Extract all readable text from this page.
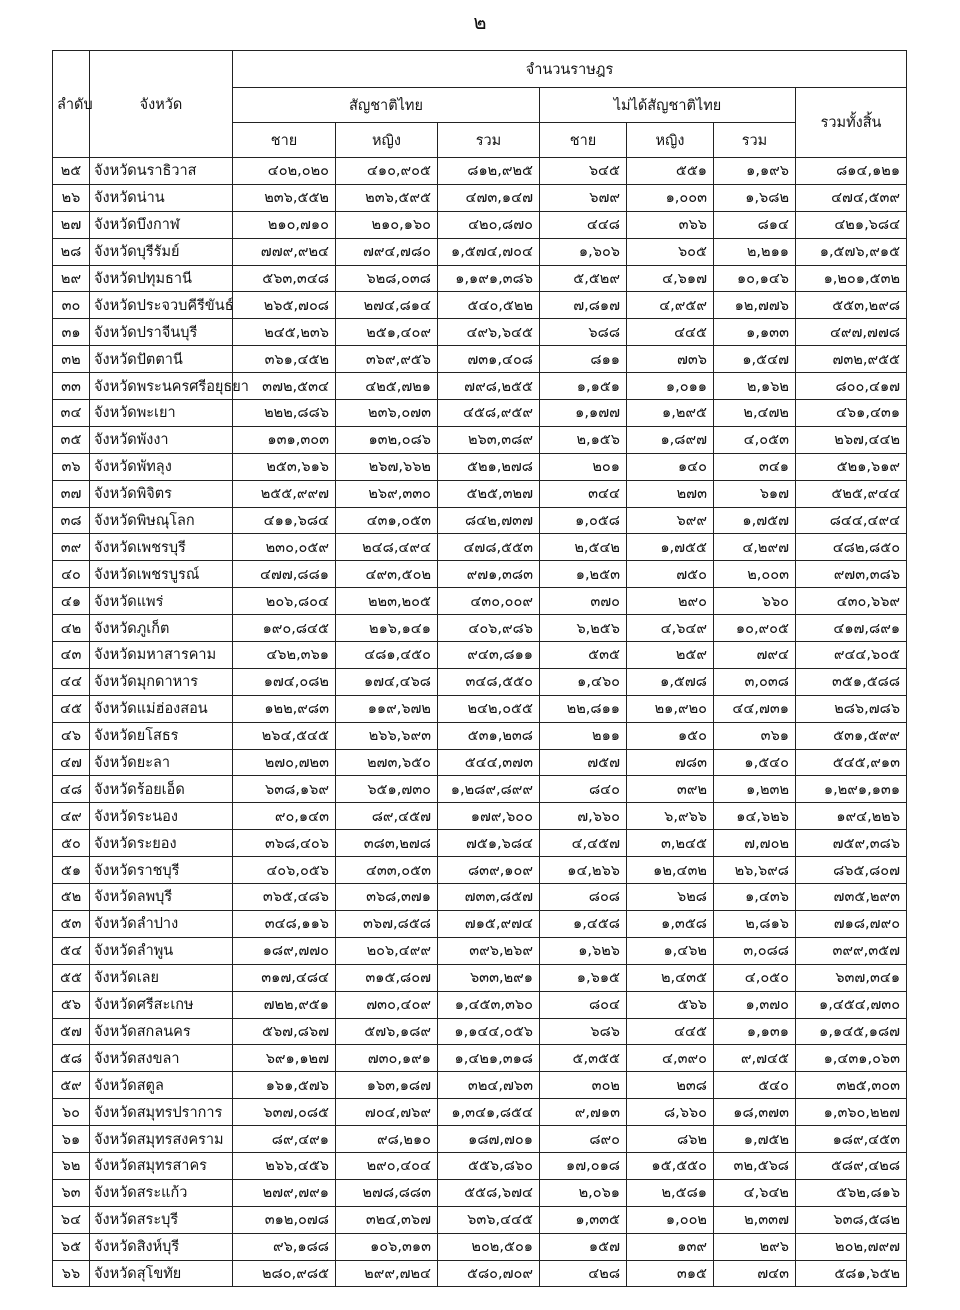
๒
ลำดับ	จังหวัด	จำนวนราษฎร						
		สัญชาติไทย			ไม่ได้สัญชาติไทย			รวมทั้งสิ้น
		ชาย	หญิง	รวม	ชาย	หญิง	รวม	
๒๕	จังหวัดนราธิวาส	๔๐๒,๐๒๐	๔๑๐,๙๐๕	๘๑๒,๙๒๕	๖๔๕	๕๕๑	๑,๑๙๖	๘๑๔,๑๒๑
๒๖	จังหวัดน่าน	๒๓๖,๕๕๒	๒๓๖,๕๙๕	๔๗๓,๑๔๗	๖๗๙	๑,๐๐๓	๑,๖๘๒	๔๗๔,๕๓๙
๒๗	จังหวัดบึงกาฬ	๒๑๐,๗๑๐	๒๑๐,๑๖๐	๔๒๐,๘๗๐	๔๔๘	๓๖๖	๘๑๔	๔๒๑,๖๘๔
๒๘	จังหวัดบุรีรัมย์	๗๗๙,๙๒๔	๗๙๔,๗๘๐	๑,๕๗๔,๗๐๔	๑,๖๐๖	๖๐๕	๒,๒๑๑	๑,๕๗๖,๙๑๕
๒๙	จังหวัดปทุมธานี	๕๖๓,๓๔๘	๖๒๘,๐๓๘	๑,๑๙๑,๓๘๖	๕,๕๒๙	๔,๖๑๗	๑๐,๑๔๖	๑,๒๐๑,๕๓๒
๓๐	จังหวัดประจวบคีรีขันธ์	๒๖๕,๗๐๘	๒๗๔,๘๑๔	๕๔๐,๕๒๒	๗,๘๑๗	๔,๙๕๙	๑๒,๗๗๖	๕๕๓,๒๙๘
๓๑	จังหวัดปราจีนบุรี	๒๔๕,๒๓๖	๒๕๑,๔๐๙	๔๙๖,๖๔๕	๖๘๘	๔๔๕	๑,๑๓๓	๔๙๗,๗๗๘
๓๒	จังหวัดปัตตานี	๓๖๑,๔๕๒	๓๖๙,๙๕๖	๗๓๑,๔๐๘	๘๑๑	๗๓๖	๑,๕๔๗	๗๓๒,๙๕๕
๓๓	จังหวัดพระนครศรีอยุธยา	๓๗๒,๕๓๔	๔๒๕,๗๒๑	๗๙๘,๒๕๕	๑,๑๕๑	๑,๐๑๑	๒,๑๖๒	๘๐๐,๔๑๗
๓๔	จังหวัดพะเยา	๒๒๒,๘๘๖	๒๓๖,๐๗๓	๔๕๘,๙๕๙	๑,๑๗๗	๑,๒๙๕	๒,๔๗๒	๔๖๑,๔๓๑
๓๕	จังหวัดพังงา	๑๓๑,๓๐๓	๑๓๒,๐๘๖	๒๖๓,๓๘๙	๒,๑๕๖	๑,๘๙๗	๔,๐๕๓	๒๖๗,๔๔๒
๓๖	จังหวัดพัทลุง	๒๕๓,๖๑๖	๒๖๗,๖๖๒	๕๒๑,๒๗๘	๒๐๑	๑๔๐	๓๔๑	๕๒๑,๖๑๙
๓๗	จังหวัดพิจิตร	๒๕๕,๙๙๗	๒๖๙,๓๓๐	๕๒๕,๓๒๗	๓๔๔	๒๗๓	๖๑๗	๕๒๕,๙๔๔
๓๘	จังหวัดพิษณุโลก	๔๑๑,๖๘๔	๔๓๑,๐๕๓	๘๔๒,๗๓๗	๑,๐๕๘	๖๙๙	๑,๗๕๗	๘๔๔,๔๙๔
๓๙	จังหวัดเพชรบุรี	๒๓๐,๐๕๙	๒๔๘,๔๙๔	๔๗๘,๕๕๓	๒,๕๔๒	๑,๗๕๕	๔,๒๙๗	๔๘๒,๘๕๐
๔๐	จังหวัดเพชรบูรณ์	๔๗๗,๘๘๑	๔๙๓,๕๐๒	๙๗๑,๓๘๓	๑,๒๕๓	๗๕๐	๒,๐๐๓	๙๗๓,๓๘๖
๔๑	จังหวัดแพร่	๒๐๖,๘๐๔	๒๒๓,๒๐๕	๔๓๐,๐๐๙	๓๗๐	๒๙๐	๖๖๐	๔๓๐,๖๖๙
๔๒	จังหวัดภูเก็ต	๑๙๐,๘๔๕	๒๑๖,๑๔๑	๔๐๖,๙๘๖	๖,๒๕๖	๔,๖๔๙	๑๐,๙๐๕	๔๑๗,๘๙๑
๔๓	จังหวัดมหาสารคาม	๔๖๒,๓๖๑	๔๘๑,๔๕๐	๙๔๓,๘๑๑	๕๓๕	๒๕๙	๗๙๔	๙๔๔,๖๐๕
๔๔	จังหวัดมุกดาหาร	๑๗๔,๐๘๒	๑๗๔,๔๖๘	๓๔๘,๕๕๐	๑,๔๖๐	๑,๕๗๘	๓,๐๓๘	๓๕๑,๕๘๘
๔๕	จังหวัดแม่ฮ่องสอน	๑๒๒,๙๘๓	๑๑๙,๖๗๒	๒๔๒,๐๕๕	๒๒,๘๑๑	๒๑,๙๒๐	๔๔,๗๓๑	๒๘๖,๗๘๖
๔๖	จังหวัดยโสธร	๒๖๔,๕๔๕	๒๖๖,๖๙๓	๕๓๑,๒๓๘	๒๑๑	๑๕๐	๓๖๑	๕๓๑,๕๙๙
๔๗	จังหวัดยะลา	๒๗๐,๗๒๓	๒๗๓,๖๕๐	๕๔๔,๓๗๓	๗๕๗	๗๘๓	๑,๕๔๐	๕๔๕,๙๑๓
๔๘	จังหวัดร้อยเอ็ด	๖๓๘,๑๖๙	๖๕๑,๗๓๐	๑,๒๘๙,๘๙๙	๘๔๐	๓๙๒	๑,๒๓๒	๑,๒๙๑,๑๓๑
๔๙	จังหวัดระนอง	๙๐,๑๔๓	๘๙,๔๕๗	๑๗๙,๖๐๐	๗,๖๖๐	๖,๙๖๖	๑๔,๖๒๖	๑๙๔,๒๒๖
๕๐	จังหวัดระยอง	๓๖๘,๔๐๖	๓๘๓,๒๗๘	๗๕๑,๖๘๔	๔,๔๕๗	๓,๒๔๕	๗,๗๐๒	๗๕๙,๓๘๖
๕๑	จังหวัดราชบุรี	๔๐๖,๐๕๖	๔๓๓,๐๕๓	๘๓๙,๑๐๙	๑๔,๒๖๖	๑๒,๔๓๒	๒๖,๖๙๘	๘๖๕,๘๐๗
๕๒	จังหวัดลพบุรี	๓๖๕,๔๘๖	๓๖๘,๓๗๑	๗๓๓,๘๕๗	๘๐๘	๖๒๘	๑,๔๓๖	๗๓๕,๒๙๓
๕๓	จังหวัดลำปาง	๓๔๘,๑๑๖	๓๖๗,๘๕๘	๗๑๕,๙๗๔	๑,๔๕๘	๑,๓๕๘	๒,๘๑๖	๗๑๘,๗๙๐
๕๔	จังหวัดลำพูน	๑๘๙,๗๗๐	๒๐๖,๔๙๙	๓๙๖,๒๖๙	๑,๖๒๖	๑,๔๖๒	๓,๐๘๘	๓๙๙,๓๕๗
๕๕	จังหวัดเลย	๓๑๗,๔๘๔	๓๑๕,๘๐๗	๖๓๓,๒๙๑	๑,๖๑๕	๒,๔๓๕	๔,๐๕๐	๖๓๗,๓๔๑
๕๖	จังหวัดศรีสะเกษ	๗๒๒,๙๕๑	๗๓๐,๔๐๙	๑,๔๕๓,๓๖๐	๘๐๔	๕๖๖	๑,๓๗๐	๑,๔๕๔,๗๓๐
๕๗	จังหวัดสกลนคร	๕๖๗,๘๖๗	๕๗๖,๑๘๙	๑,๑๔๔,๐๕๖	๖๘๖	๔๔๕	๑,๑๓๑	๑,๑๔๕,๑๘๗
๕๘	จังหวัดสงขลา	๖๙๑,๑๒๗	๗๓๐,๑๙๑	๑,๔๒๑,๓๑๘	๕,๓๕๕	๔,๓๙๐	๙,๗๔๕	๑,๔๓๑,๐๖๓
๕๙	จังหวัดสตูล	๑๖๑,๕๗๖	๑๖๓,๑๘๗	๓๒๔,๗๖๓	๓๐๒	๒๓๘	๕๔๐	๓๒๕,๓๐๓
๖๐	จังหวัดสมุทรปราการ	๖๓๗,๐๘๕	๗๐๔,๗๖๙	๑,๓๔๑,๘๕๔	๙,๗๑๓	๘,๖๖๐	๑๘,๓๗๓	๑,๓๖๐,๒๒๗
๖๑	จังหวัดสมุทรสงคราม	๘๙,๔๙๑	๙๘,๒๑๐	๑๘๗,๗๐๑	๘๙๐	๘๖๒	๑,๗๕๒	๑๘๙,๔๕๓
๖๒	จังหวัดสมุทรสาคร	๒๖๖,๔๕๖	๒๙๐,๔๐๔	๕๕๖,๘๖๐	๑๗,๐๑๘	๑๕,๕๕๐	๓๒,๕๖๘	๕๘๙,๔๒๘
๖๓	จังหวัดสระแก้ว	๒๗๙,๗๙๑	๒๗๘,๘๘๓	๕๕๘,๖๗๔	๒,๐๖๑	๒,๕๘๑	๔,๖๔๒	๕๖๒,๘๑๖
๖๔	จังหวัดสระบุรี	๓๑๒,๐๗๘	๓๒๔,๓๖๗	๖๓๖,๔๔๕	๑,๓๓๕	๑,๐๐๒	๒,๓๓๗	๖๓๘,๕๘๒
๖๕	จังหวัดสิงห์บุรี	๙๖,๑๘๘	๑๐๖,๓๑๓	๒๐๒,๕๐๑	๑๕๗	๑๓๙	๒๙๖	๒๐๒,๗๙๗
๖๖	จังหวัดสุโขทัย	๒๘๐,๙๘๕	๒๙๙,๗๒๔	๕๘๐,๗๐๙	๔๒๘	๓๑๕	๗๔๓	๕๘๑,๖๕๒
